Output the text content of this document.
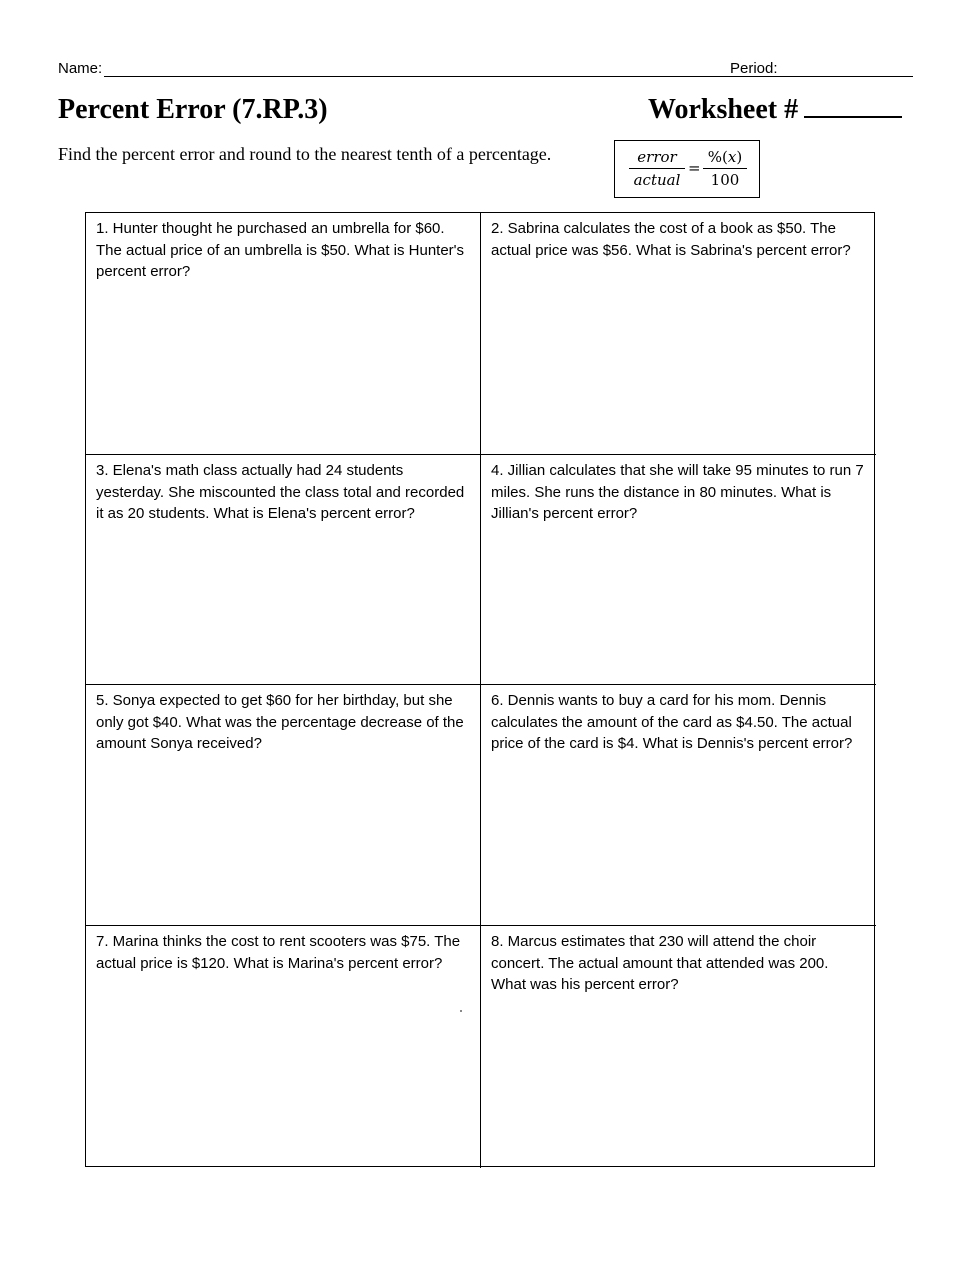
Name:	Period:
Percent Error (7.RP.3)	Worksheet #
Find the percent error and round to the nearest tenth of a percentage.	error
actual
=
%(x)
100
1. Hunter thought he purchased an umbrella for $60. The actual price of an umbrella is $50. What is Hunter's percent error?
2. Sabrina calculates the cost of a book as $50. The actual price was $56. What is Sabrina's percent error?
3. Elena's math class actually had 24 students yesterday. She miscounted the class total and recorded it as 20 students. What is Elena's percent error?
4. Jillian calculates that she will take 95 minutes to run 7 miles. She runs the distance in 80 minutes. What is Jillian's percent error?
5. Sonya expected to get $60 for her birthday, but she only got $40. What was the percentage decrease of the amount Sonya received?
6. Dennis wants to buy a card for his mom. Dennis calculates the amount of the card as $4.50. The actual price of the card is $4. What is Dennis's percent error?
7. Marina thinks the cost to rent scooters was $75. The actual price is $120. What is Marina's percent error?
8. Marcus estimates that 230 will attend the choir concert. The actual amount that attended was 200. What was his percent error?
